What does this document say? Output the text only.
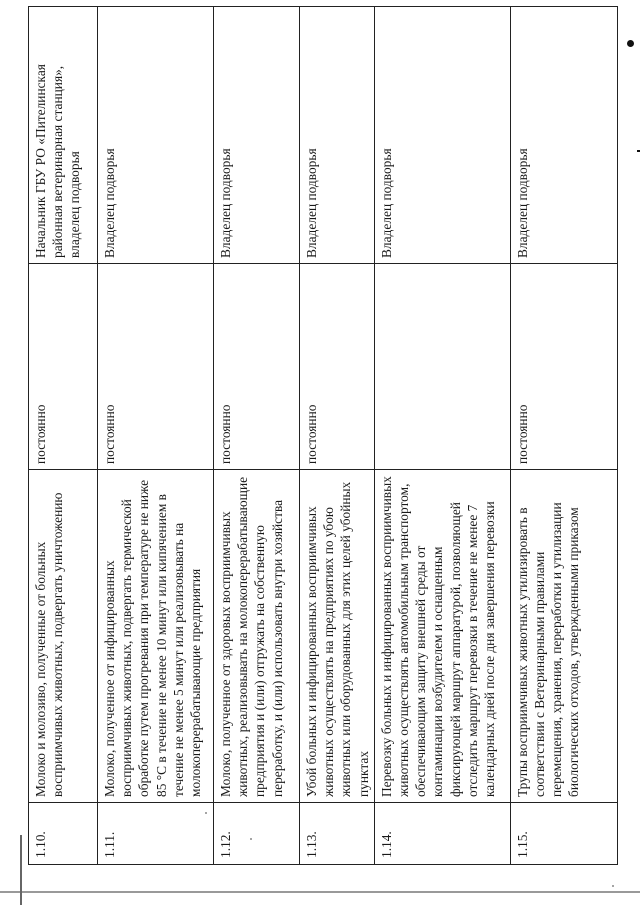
1.10.	Молоко и молозиво, полученные от больных восприимчивых животных, подвергать уничтожению	постоянно	Начальник ГБУ РО «Пителинская районная ветеринарная станция», владелец подворья
1.11.	Молоко, полученное от инфицированных восприимчивых животных, подвергать термической обработке путем прогревания при температуре не ниже 85 °С в течение не менее 10 минут или кипячением в течение не менее 5 минут или реализовывать на молокоперерабатывающие предприятия	постоянно	Владелец подворья
1.12.	Молоко, полученное от здоровых восприимчивых животных, реализовывать на молокоперерабатывающие предприятия и (или) отгружать на собственную переработку, и (или) использовать внутри хозяйства	постоянно	Владелец подворья
1.13.	Убой больных и инфицированных восприимчивых животных осуществлять на предприятиях по убою животных или оборудованных для этих целей убойных пунктах	постоянно	Владелец подворья
1.14.	Перевозку больных и инфицированных восприимчивых животных осуществлять автомобильным транспортом, обеспечивающим защиту внешней среды от контаминации возбудителем и оснащенным фиксирующей маршрут аппаратурой, позволяющей отследить маршрут перевозки в течение не менее 7 календарных дней после дня завершения перевозки		Владелец подворья
1.15.	Трупы восприимчивых животных утилизировать в соответствии с Ветеринарными правилами перемещения, хранения, переработки и утилизации биологических отходов, утвержденными приказом	постоянно	Владелец подворья
